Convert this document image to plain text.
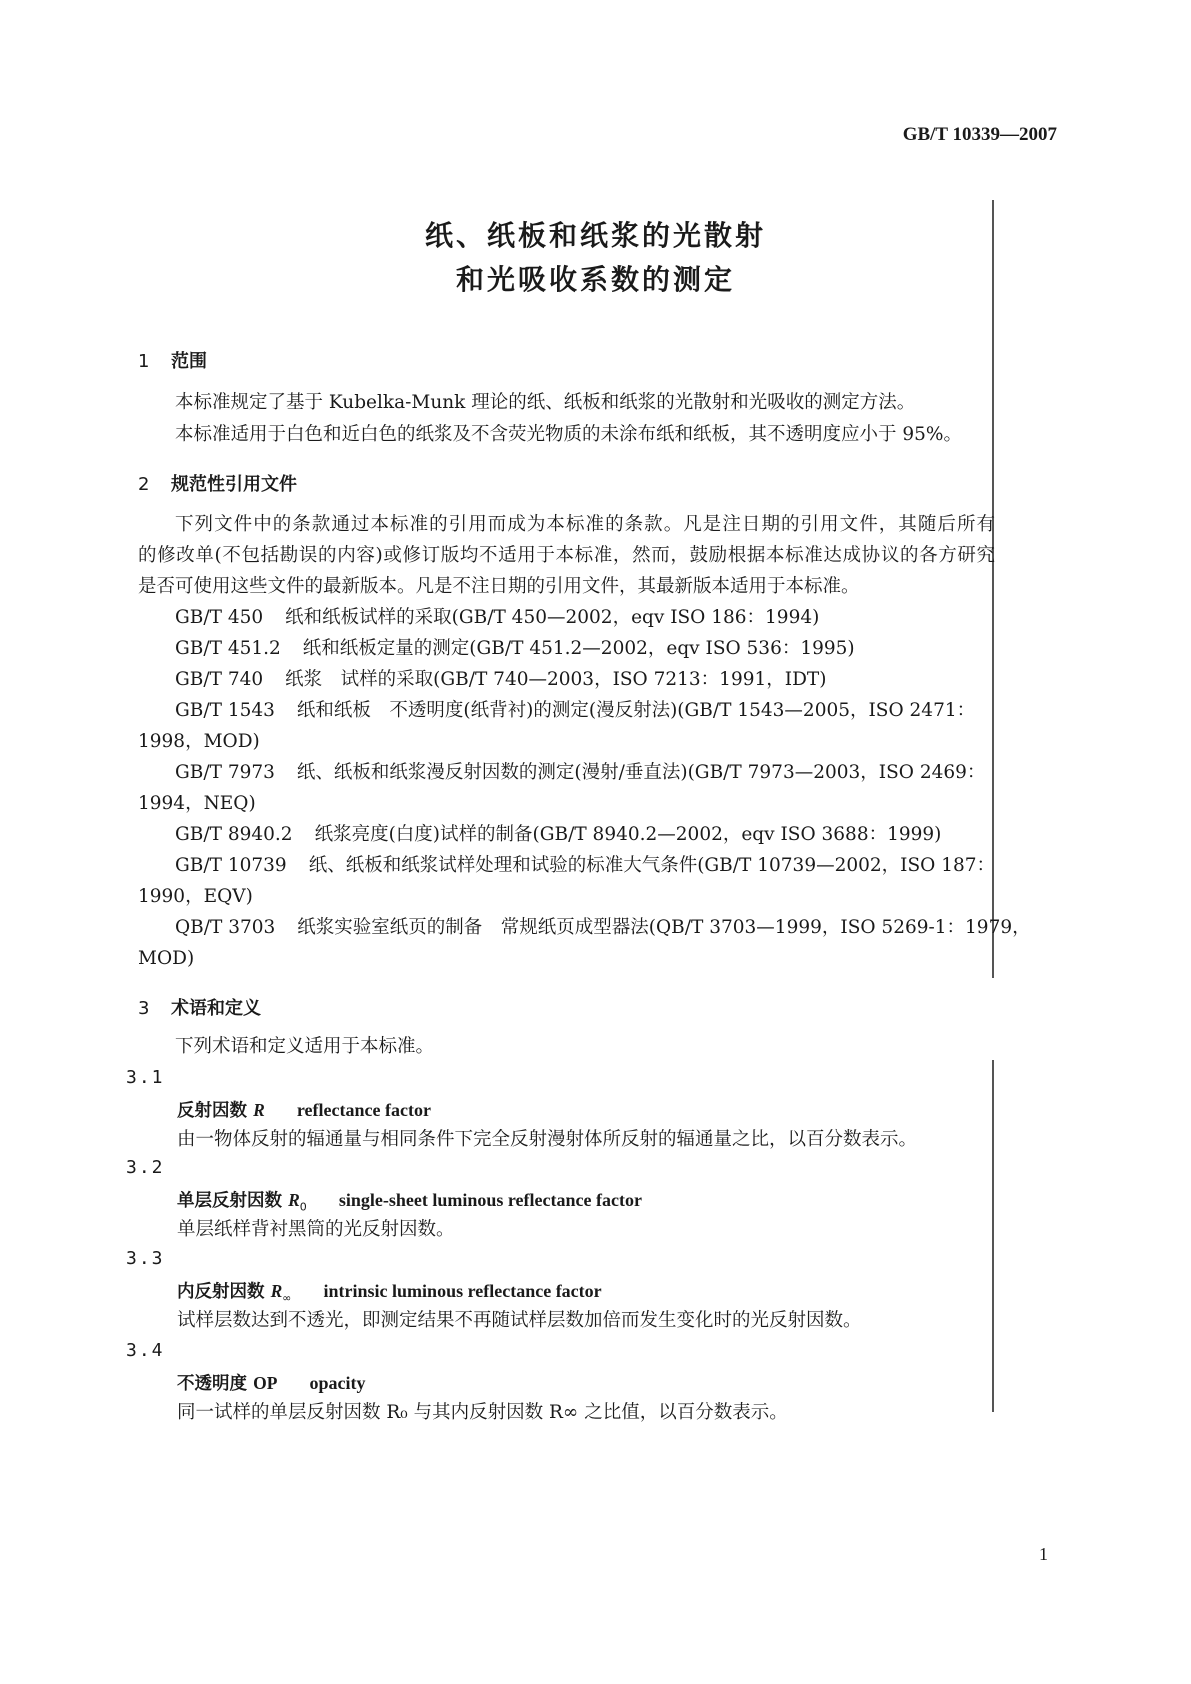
GB/T 10339—2007
纸、纸板和纸浆的光散射
和光吸收系数的测定
1 范围
本标准规定了基于 Kubelka-Munk 理论的纸、纸板和纸浆的光散射和光吸收的测定方法。
本标准适用于白色和近白色的纸浆及不含荧光物质的未涂布纸和纸板，其不透明度应小于 95%。
2 规范性引用文件
下列文件中的条款通过本标准的引用而成为本标准的条款。凡是注日期的引用文件，其随后所有
的修改单(不包括勘误的内容)或修订版均不适用于本标准，然而，鼓励根据本标准达成协议的各方研究
是否可使用这些文件的最新版本。凡是不注日期的引用文件，其最新版本适用于本标准。
GB/T 450 纸和纸板试样的采取(GB/T 450—2002，eqv ISO 186：1994)
GB/T 451.2 纸和纸板定量的测定(GB/T 451.2—2002，eqv ISO 536：1995)
GB/T 740 纸浆　试样的采取(GB/T 740—2003，ISO 7213：1991，IDT)
GB/T 1543 纸和纸板　不透明度(纸背衬)的测定(漫反射法)(GB/T 1543—2005，ISO 2471：
1998，MOD)
GB/T 7973 纸、纸板和纸浆漫反射因数的测定(漫射/垂直法)(GB/T 7973—2003，ISO 2469：
1994，NEQ)
GB/T 8940.2 纸浆亮度(白度)试样的制备(GB/T 8940.2—2002，eqv ISO 3688：1999)
GB/T 10739 纸、纸板和纸浆试样处理和试验的标准大气条件(GB/T 10739—2002，ISO 187：
1990，EQV)
QB/T 3703 纸浆实验室纸页的制备　常规纸页成型器法(QB/T 3703—1999，ISO 5269-1：1979，
MOD)
3 术语和定义
下列术语和定义适用于本标准。
3.1
反射因数 R reflectance factor
由一物体反射的辐通量与相同条件下完全反射漫射体所反射的辐通量之比，以百分数表示。
3.2
单层反射因数 $R_0$ single-sheet luminous reflectance factor
单层纸样背衬黑筒的光反射因数。
3.3
内反射因数 $R_\infty$ intrinsic luminous reflectance factor
试样层数达到不透光，即测定结果不再随试样层数加倍而发生变化时的光反射因数。
3.4
不透明度 OP opacity
同一试样的单层反射因数 R₀ 与其内反射因数 R∞ 之比值，以百分数表示。
1
